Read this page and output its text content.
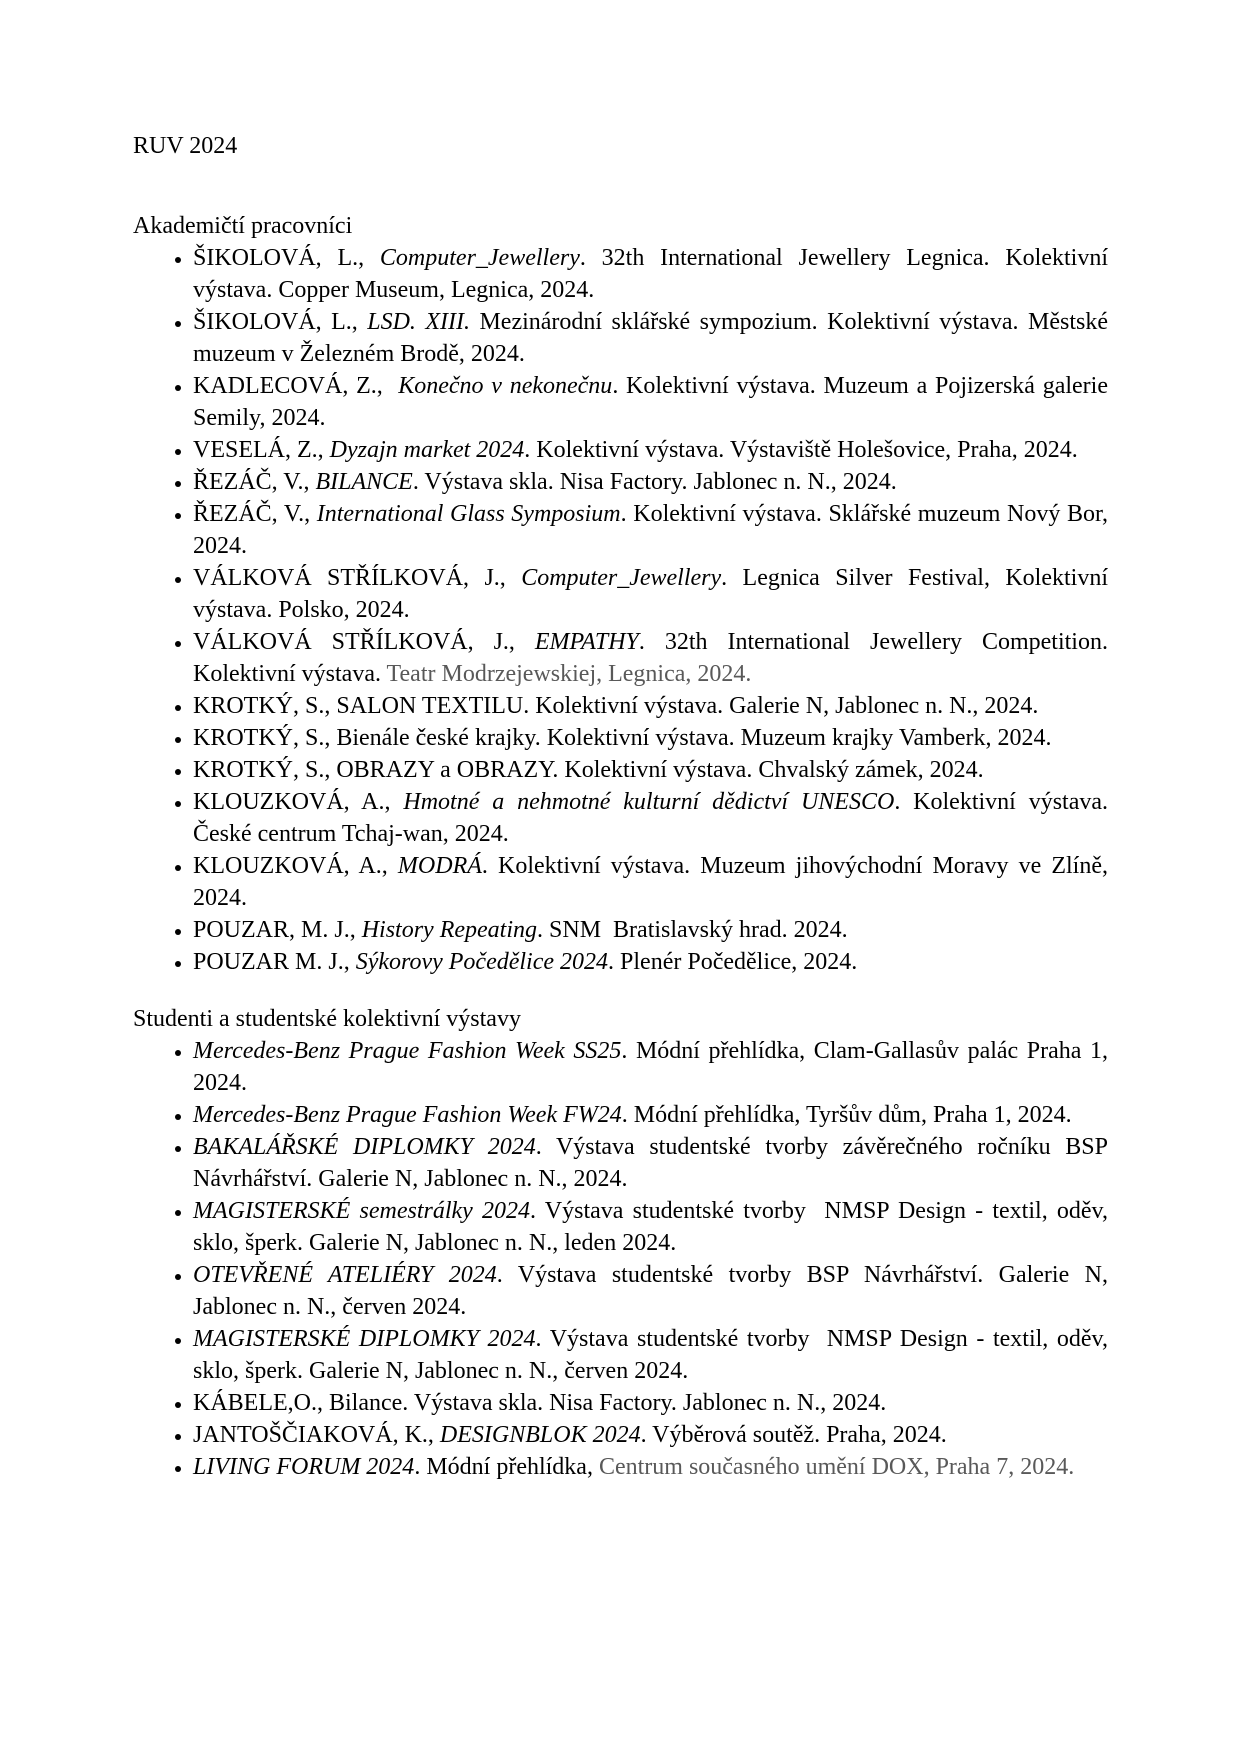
RUV 2024

Akademičtí pracovníci

• ŠIKOLOVÁ, L., Computer_Jewellery. 32th International Jewellery Legnica. Kolektivní výstava. Copper Museum, Legnica, 2024.
• ŠIKOLOVÁ, L., LSD. XIII. Mezinárodní sklářské sympozium. Kolektivní výstava. Městské muzeum v Železném Brodě, 2024.
• KADLECOVÁ, Z.,  Konečno v nekonečnu. Kolektivní výstava. Muzeum a Pojizerská galerie Semily, 2024.
• VESELÁ, Z., Dyzajn market 2024. Kolektivní výstava. Výstaviště Holešovice, Praha, 2024.
• ŘEZÁČ, V., BILANCE. Výstava skla. Nisa Factory. Jablonec n. N., 2024.
• ŘEZÁČ, V., International Glass Symposium. Kolektivní výstava. Sklářské muzeum Nový Bor, 2024.
• VÁLKOVÁ STŘÍLKOVÁ, J., Computer_Jewellery. Legnica Silver Festival, Kolektivní výstava. Polsko, 2024.
• VÁLKOVÁ STŘÍLKOVÁ, J., EMPATHY. 32th International Jewellery Competition. Kolektivní výstava. Teatr Modrzejewskiej, Legnica, 2024.
• KROTKÝ, S., SALON TEXTILU. Kolektivní výstava. Galerie N, Jablonec n. N., 2024.
• KROTKÝ, S., Bienále české krajky. Kolektivní výstava. Muzeum krajky Vamberk, 2024.
• KROTKÝ, S., OBRAZY a OBRAZY. Kolektivní výstava. Chvalský zámek, 2024.
• KLOUZKOVÁ, A., Hmotné a nehmotné kulturní dědictví UNESCO. Kolektivní výstava. České centrum Tchaj-wan, 2024.
• KLOUZKOVÁ, A., MODRÁ. Kolektivní výstava. Muzeum jihovýchodní Moravy ve Zlíně, 2024.
• POUZAR, M. J., History Repeating. SNM  Bratislavský hrad. 2024.
• POUZAR M. J., Sýkorovy Počedělice 2024. Plenér Počedělice, 2024.

Studenti a studentské kolektivní výstavy

• Mercedes-Benz Prague Fashion Week SS25. Módní přehlídka, Clam-Gallasův palác Praha 1, 2024.
• Mercedes-Benz Prague Fashion Week FW24. Módní přehlídka, Tyršův dům, Praha 1, 2024.
• BAKALÁŘSKÉ DIPLOMKY 2024. Výstava studentské tvorby závěrečného ročníku BSP Návrhářství. Galerie N, Jablonec n. N., 2024.
• MAGISTERSKÉ semestrálky 2024. Výstava studentské tvorby  NMSP Design - textil, oděv, sklo, šperk. Galerie N, Jablonec n. N., leden 2024.
• OTEVŘENÉ ATELIÉRY 2024. Výstava studentské tvorby BSP Návrhářství. Galerie N, Jablonec n. N., červen 2024.
• MAGISTERSKÉ DIPLOMKY 2024. Výstava studentské tvorby  NMSP Design - textil, oděv, sklo, šperk. Galerie N, Jablonec n. N., červen 2024.
• KÁBELE,O., Bilance. Výstava skla. Nisa Factory. Jablonec n. N., 2024.
• JANTOŠČIAKOVÁ, K., DESIGNBLOK 2024. Výběrová soutěž. Praha, 2024.
• LIVING FORUM 2024. Módní přehlídka, Centrum současného umění DOX, Praha 7, 2024.
